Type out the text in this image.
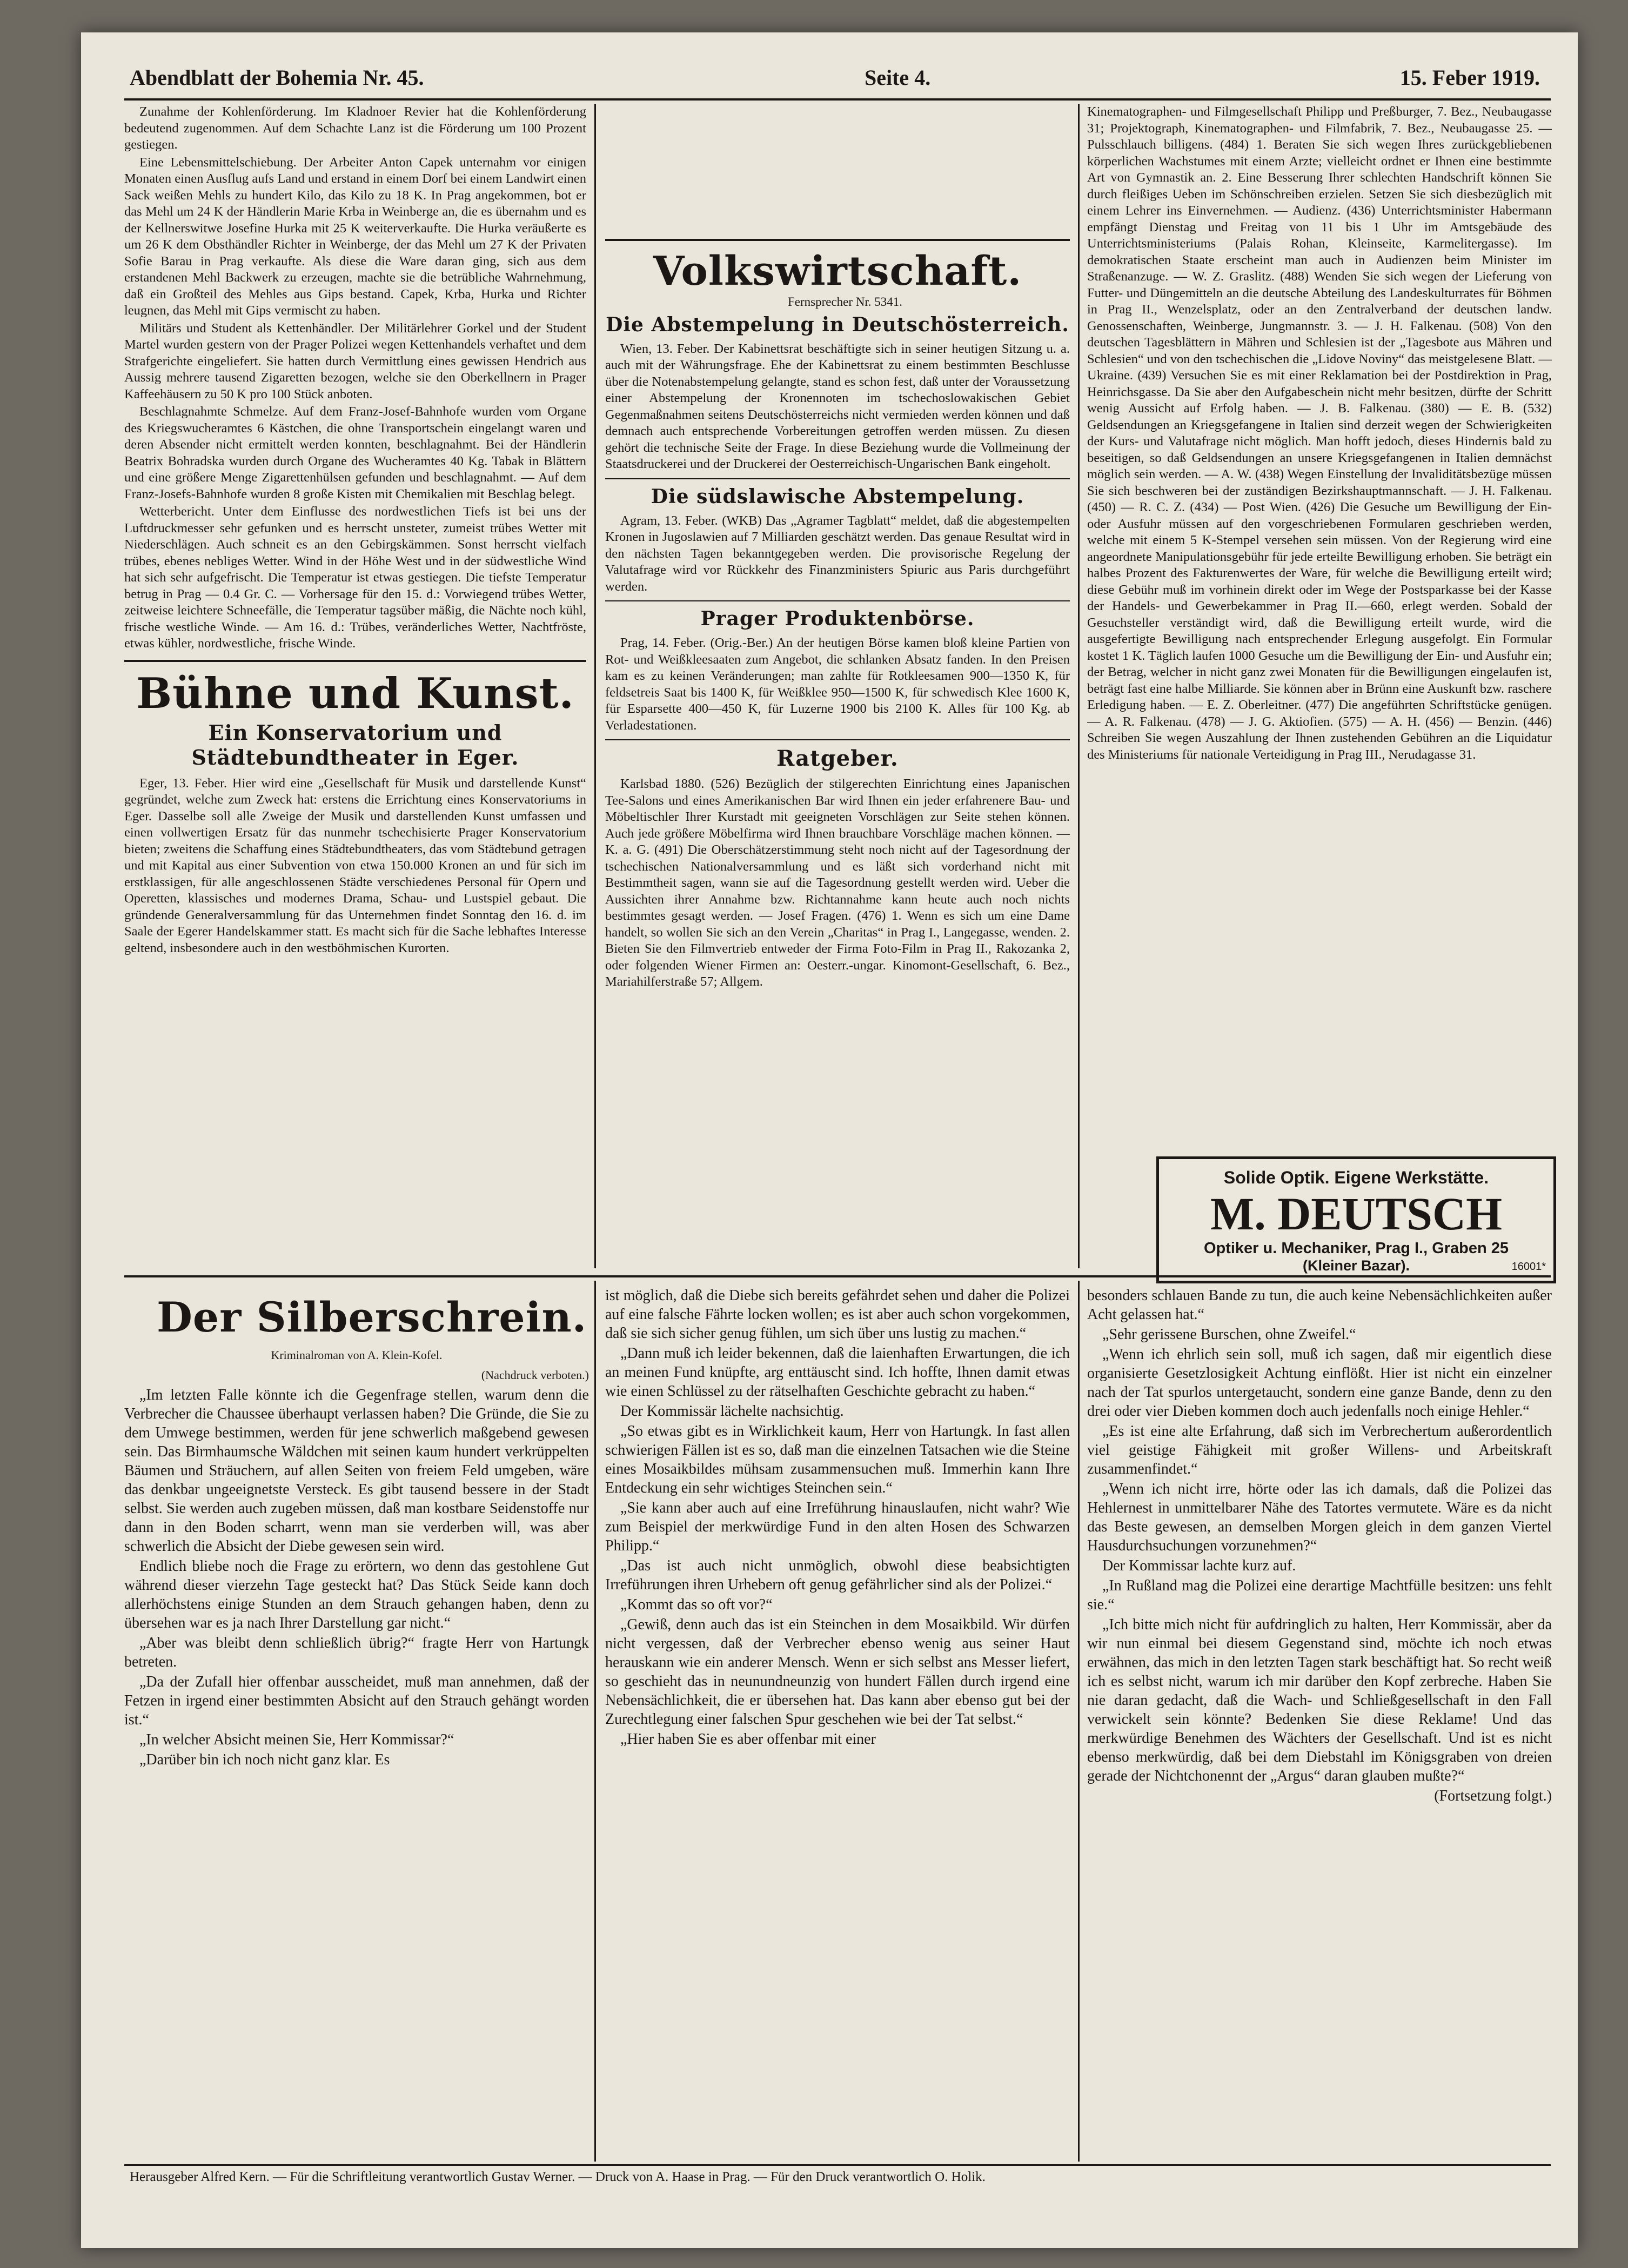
Abendblatt der Bohemia Nr. 45.	Seite 4.	15. Feber 1919.

Zunahme der Kohlenförderung. Im Kladnoer Revier hat die Kohlenförderung bedeutend zugenommen. Auf dem Schachte Lanz ist die Förderung um 100 Prozent gestiegen.

Eine Lebensmittelschiebung. Der Arbeiter Anton Capek unternahm vor einigen Monaten einen Ausflug aufs Land und erstand in einem Dorf bei einem Landwirt einen Sack weißen Mehls zu hundert Kilo, das Kilo zu 18 K. In Prag angekommen, bot er das Mehl um 24 K der Händlerin Marie Krba in Weinberge an, die es übernahm und es der Kellnerswitwe Josefine Hurka mit 25 K weiterverkaufte. Die Hurka veräußerte es um 26 K dem Obsthändler Richter in Weinberge, der das Mehl um 27 K der Privaten Sofie Barau in Prag verkaufte. Als diese die Ware daran ging, sich aus dem erstandenen Mehl Backwerk zu erzeugen, machte sie die betrübliche Wahrnehmung, daß ein Großteil des Mehles aus Gips bestand. Capek, Krba, Hurka und Richter leugnen, das Mehl mit Gips vermischt zu haben.

Militärs und Student als Kettenhändler. Der Militärlehrer Gorkel und der Student Martel wurden gestern von der Prager Polizei wegen Kettenhandels verhaftet und dem Strafgerichte eingeliefert. Sie hatten durch Vermittlung eines gewissen Hendrich aus Aussig mehrere tausend Zigaretten bezogen, welche sie den Oberkellnern in Prager Kaffeehäusern zu 50 K pro 100 Stück anboten.

Beschlagnahmte Schmelze. Auf dem Franz-Josef-Bahnhofe wurden vom Organe des Kriegswucheramtes 6 Kästchen, die ohne Transportschein eingelangt waren und deren Absender nicht ermittelt werden konnten, beschlagnahmt. Bei der Händlerin Beatrix Bohradska wurden durch Organe des Wucheramtes 40 Kg. Tabak in Blättern und eine größere Menge Zigarettenhülsen gefunden und beschlagnahmt. — Auf dem Franz-Josefs-Bahnhofe wurden 8 große Kisten mit Chemikalien mit Beschlag belegt.

Wetterbericht. Unter dem Einflusse des nordwestlichen Tiefs ist bei uns der Luftdruckmesser sehr gefunken und es herrscht unsteter, zumeist trübes Wetter mit Niederschlägen. Auch schneit es an den Gebirgskämmen. Sonst herrscht vielfach trübes, ebenes nebliges Wetter. Wind in der Höhe West und in der südwestliche Wind hat sich sehr aufgefrischt. Die Temperatur ist etwas gestiegen. Die tiefste Temperatur betrug in Prag — 0.4 Gr. C. — Vorhersage für den 15. d.: Vorwiegend trübes Wetter, zeitweise leichtere Schneefälle, die Temperatur tagsüber mäßig, die Nächte noch kühl, frische westliche Winde. — Am 16. d.: Trübes, veränderliches Wetter, Nachtfröste, etwas kühler, nordwestliche, frische Winde.

Bühne und Kunst.
Ein Konservatorium und Städtebundtheater in Eger.

Eger, 13. Feber. Hier wird eine „Gesellschaft für Musik und darstellende Kunst“ gegründet, welche zum Zweck hat: erstens die Errichtung eines Konservatoriums in Eger. Dasselbe soll alle Zweige der Musik und darstellenden Kunst umfassen und einen vollwertigen Ersatz für das nunmehr tschechisierte Prager Konservatorium bieten; zweitens die Schaffung eines Städtebundtheaters, das vom Städtebund getragen und mit Kapital aus einer Subvention von etwa 150.000 Kronen an und für sich im erstklassigen, für alle angeschlossenen Städte verschiedenes Personal für Opern und Operetten, klassisches und modernes Drama, Schau- und Lustspiel gebaut. Die gründende Generalversammlung für das Unternehmen findet Sonntag den 16. d. im Saale der Egerer Handelskammer statt. Es macht sich für die Sache lebhaftes Interesse geltend, insbesondere auch in den westböhmischen Kurorten.

Volkswirtschaft.

Fernsprecher Nr. 5341.

Die Abstempelung in Deutschösterreich.

Wien, 13. Feber. Der Kabinettsrat beschäftigte sich in seiner heutigen Sitzung u. a. auch mit der Währungsfrage. Ehe der Kabinettsrat zu einem bestimmten Beschlusse über die Notenabstempelung gelangte, stand es schon fest, daß unter der Voraussetzung einer Abstempelung der Kronennoten im tschechoslowakischen Gebiet Gegenmaßnahmen seitens Deutschösterreichs nicht vermieden werden können und daß demnach auch entsprechende Vorbereitungen getroffen werden müssen. Zu diesen gehört die technische Seite der Frage. In diese Beziehung wurde die Vollmeinung der Staatsdruckerei und der Druckerei der Oesterreichisch-Ungarischen Bank eingeholt.

Die südslawische Abstempelung.

Agram, 13. Feber. (WKB) Das „Agramer Tagblatt“ meldet, daß die abgestempelten Kronen in Jugoslawien auf 7 Milliarden geschätzt werden. Das genaue Resultat wird in den nächsten Tagen bekanntgegeben werden. Die provisorische Regelung der Valutafrage wird vor Rückkehr des Finanzministers Spiuric aus Paris durchgeführt werden.

Prager Produktenbörse.

Prag, 14. Feber. (Orig.-Ber.) An der heutigen Börse kamen bloß kleine Partien von Rot- und Weißkleesaaten zum Angebot, die schlanken Absatz fanden. In den Preisen kam es zu keinen Veränderungen; man zahlte für Rotkleesamen 900—1350 K, für feldsetreis Saat bis 1400 K, für Weißklee 950—1500 K, für schwedisch Klee 1600 K, für Esparsette 400—450 K, für Luzerne 1900 bis 2100 K. Alles für 100 Kg. ab Verladestationen.

Ratgeber.

Karlsbad 1880. (526) Bezüglich der stilgerechten Einrichtung eines Japanischen Tee-Salons und eines Amerikanischen Bar wird Ihnen ein jeder erfahrenere Bau- und Möbeltischler Ihrer Kurstadt mit geeigneten Vorschlägen zur Seite stehen können. Auch jede größere Möbelfirma wird Ihnen brauchbare Vorschläge machen können. — K. a. G. (491) Die Oberschätzerstimmung steht noch nicht auf der Tagesordnung der tschechischen Nationalversammlung und es läßt sich vorderhand nicht mit Bestimmtheit sagen, wann sie auf die Tagesordnung gestellt werden wird. Ueber die Aussichten ihrer Annahme bzw. Richtannahme kann heute auch noch nichts bestimmtes gesagt werden. — Josef Fragen. (476) 1. Wenn es sich um eine Dame handelt, so wollen Sie sich an den Verein „Charitas“ in Prag I., Langegasse, wenden. 2. Bieten Sie den Filmvertrieb entweder der Firma Foto-Film in Prag II., Rakozanka 2, oder folgenden Wiener Firmen an: Oesterr.-ungar. Kinomont-Gesellschaft, 6. Bez., Mariahilferstraße 57; Allgem.

Kinematographen- und Filmgesellschaft Philipp und Preßburger, 7. Bez., Neubaugasse 31; Projektograph, Kinematographen- und Filmfabrik, 7. Bez., Neubaugasse 25. — Pulsschlauch billigens. (484) 1. Beraten Sie sich wegen Ihres zurückgebliebenen körperlichen Wachstumes mit einem Arzte; vielleicht ordnet er Ihnen eine bestimmte Art von Gymnastik an. 2. Eine Besserung Ihrer schlechten Handschrift können Sie durch fleißiges Ueben im Schönschreiben erzielen. Setzen Sie sich diesbezüglich mit einem Lehrer ins Einvernehmen. — Audienz. (436) Unterrichtsminister Habermann empfängt Dienstag und Freitag von 11 bis 1 Uhr im Amtsgebäude des Unterrichtsministeriums (Palais Rohan, Kleinseite, Karmelitergasse). Im demokratischen Staate erscheint man auch in Audienzen beim Minister im Straßenanzuge. — W. Z. Graslitz. (488) Wenden Sie sich wegen der Lieferung von Futter- und Düngemitteln an die deutsche Abteilung des Landeskulturrates für Böhmen in Prag II., Wenzelsplatz, oder an den Zentralverband der deutschen landw. Genossenschaften, Weinberge, Jungmannstr. 3. — J. H. Falkenau. (508) Von den deutschen Tagesblättern in Mähren und Schlesien ist der „Tagesbote aus Mähren und Schlesien“ und von den tschechischen die „Lidove Noviny“ das meistgelesene Blatt. — Ukraine. (439) Versuchen Sie es mit einer Reklamation bei der Postdirektion in Prag, Heinrichsgasse. Da Sie aber den Aufgabeschein nicht mehr besitzen, dürfte der Schritt wenig Aussicht auf Erfolg haben. — J. B. Falkenau. (380) — E. B. (532) Geldsendungen an Kriegsgefangene in Italien sind derzeit wegen der Schwierigkeiten der Kurs- und Valutafrage nicht möglich. Man hofft jedoch, dieses Hindernis bald zu beseitigen, so daß Geldsendungen an unsere Kriegsgefangenen in Italien demnächst möglich sein werden. — A. W. (438) Wegen Einstellung der Invaliditätsbezüge müssen Sie sich beschweren bei der zuständigen Bezirkshauptmannschaft. — J. H. Falkenau. (450) — R. C. Z. (434) — Post Wien. (426) Die Gesuche um Bewilligung der Ein- oder Ausfuhr müssen auf den vorgeschriebenen Formularen geschrieben werden, welche mit einem 5 K-Stempel versehen sein müssen. Von der Regierung wird eine angeordnete Manipulationsgebühr für jede erteilte Bewilligung erhoben. Sie beträgt ein halbes Prozent des Fakturenwertes der Ware, für welche die Bewilligung erteilt wird; diese Gebühr muß im vorhinein direkt oder im Wege der Postsparkasse bei der Kasse der Handels- und Gewerbekammer in Prag II.—660, erlegt werden. Sobald der Gesuchsteller verständigt wird, daß die Bewilligung erteilt wurde, wird die ausgefertigte Bewilligung nach entsprechender Erlegung ausgefolgt. Ein Formular kostet 1 K. Täglich laufen 1000 Gesuche um die Bewilligung der Ein- und Ausfuhr ein; der Betrag, welcher in nicht ganz zwei Monaten für die Bewilligungen eingelaufen ist, beträgt fast eine halbe Milliarde. Sie können aber in Brünn eine Auskunft bzw. raschere Erledigung haben. — E. Z. Oberleitner. (477) Die angeführten Schriftstücke genügen. — A. R. Falkenau. (478) — J. G. Aktiofien. (575) — A. H. (456) — Benzin. (446) Schreiben Sie wegen Auszahlung der Ihnen zustehenden Gebühren an die Liquidatur des Ministeriums für nationale Verteidigung in Prag III., Nerudagasse 31.

Solide Optik. Eigene Werkstätte.
M. DEUTSCH
Optiker u. Mechaniker, Prag I., Graben 25
(Kleiner Bazar).	16001*
Der Silberschrein.

Kriminalroman von A. Klein-Kofel.

(Nachdruck verboten.)

„Im letzten Falle könnte ich die Gegenfrage stellen, warum denn die Verbrecher die Chaussee überhaupt verlassen haben? Die Gründe, die Sie zu dem Umwege bestimmen, werden für jene schwerlich maßgebend gewesen sein. Das Birmhaumsche Wäldchen mit seinen kaum hundert verkrüppelten Bäumen und Sträuchern, auf allen Seiten von freiem Feld umgeben, wäre das denkbar ungeeignetste Versteck. Es gibt tausend bessere in der Stadt selbst. Sie werden auch zugeben müssen, daß man kostbare Seidenstoffe nur dann in den Boden scharrt, wenn man sie verderben will, was aber schwerlich die Absicht der Diebe gewesen sein wird.

Endlich bliebe noch die Frage zu erörtern, wo denn das gestohlene Gut während dieser vierzehn Tage gesteckt hat? Das Stück Seide kann doch allerhöchstens einige Stunden an dem Strauch gehangen haben, denn zu übersehen war es ja nach Ihrer Darstellung gar nicht.“

„Aber was bleibt denn schließlich übrig?“ fragte Herr von Hartungk betreten.

„Da der Zufall hier offenbar ausscheidet, muß man annehmen, daß der Fetzen in irgend einer bestimmten Absicht auf den Strauch gehängt worden ist.“

„In welcher Absicht meinen Sie, Herr Kommissar?“

„Darüber bin ich noch nicht ganz klar. Es

ist möglich, daß die Diebe sich bereits gefährdet sehen und daher die Polizei auf eine falsche Fährte locken wollen; es ist aber auch schon vorgekommen, daß sie sich sicher genug fühlen, um sich über uns lustig zu machen.“

„Dann muß ich leider bekennen, daß die laienhaften Erwartungen, die ich an meinen Fund knüpfte, arg enttäuscht sind. Ich hoffte, Ihnen damit etwas wie einen Schlüssel zu der rätselhaften Geschichte gebracht zu haben.“

Der Kommissär lächelte nachsichtig.

„So etwas gibt es in Wirklichkeit kaum, Herr von Hartungk. In fast allen schwierigen Fällen ist es so, daß man die einzelnen Tatsachen wie die Steine eines Mosaikbildes mühsam zusammensuchen muß. Immerhin kann Ihre Entdeckung ein sehr wichtiges Steinchen sein.“

„Sie kann aber auch auf eine Irreführung hinauslaufen, nicht wahr? Wie zum Beispiel der merkwürdige Fund in den alten Hosen des Schwarzen Philipp.“

„Das ist auch nicht unmöglich, obwohl diese beabsichtigten Irreführungen ihren Urhebern oft genug gefährlicher sind als der Polizei.“

„Kommt das so oft vor?“

„Gewiß, denn auch das ist ein Steinchen in dem Mosaikbild. Wir dürfen nicht vergessen, daß der Verbrecher ebenso wenig aus seiner Haut herauskann wie ein anderer Mensch. Wenn er sich selbst ans Messer liefert, so geschieht das in neunundneunzig von hundert Fällen durch irgend eine Nebensächlichkeit, die er übersehen hat. Das kann aber ebenso gut bei der Zurechtlegung einer falschen Spur geschehen wie bei der Tat selbst.“

„Hier haben Sie es aber offenbar mit einer

besonders schlauen Bande zu tun, die auch keine Nebensächlichkeiten außer Acht gelassen hat.“

„Sehr gerissene Burschen, ohne Zweifel.“

„Wenn ich ehrlich sein soll, muß ich sagen, daß mir eigentlich diese organisierte Gesetzlosigkeit Achtung einflößt. Hier ist nicht ein einzelner nach der Tat spurlos untergetaucht, sondern eine ganze Bande, denn zu den drei oder vier Dieben kommen doch auch jedenfalls noch einige Hehler.“

„Es ist eine alte Erfahrung, daß sich im Verbrechertum außerordentlich viel geistige Fähigkeit mit großer Willens- und Arbeitskraft zusammenfindet.“

„Wenn ich nicht irre, hörte oder las ich damals, daß die Polizei das Hehlernest in unmittelbarer Nähe des Tatortes vermutete. Wäre es da nicht das Beste gewesen, an demselben Morgen gleich in dem ganzen Viertel Hausdurchsuchungen vorzunehmen?“

Der Kommissar lachte kurz auf.

„In Rußland mag die Polizei eine derartige Machtfülle besitzen: uns fehlt sie.“

„Ich bitte mich nicht für aufdringlich zu halten, Herr Kommissär, aber da wir nun einmal bei diesem Gegenstand sind, möchte ich noch etwas erwähnen, das mich in den letzten Tagen stark beschäftigt hat. So recht weiß ich es selbst nicht, warum ich mir darüber den Kopf zerbreche. Haben Sie nie daran gedacht, daß die Wach- und Schließgesellschaft in den Fall verwickelt sein könnte? Bedenken Sie diese Reklame! Und das merkwürdige Benehmen des Wächters der Gesellschaft. Und ist es nicht ebenso merkwürdig, daß bei dem Diebstahl im Königsgraben von dreien gerade der Nichtchonennt der „Argus“ daran glauben mußte?“

(Fortsetzung folgt.)

Herausgeber Alfred Kern. — Für die Schriftleitung verantwortlich Gustav Werner. — Druck von A. Haase in Prag. — Für den Druck verantwortlich O. Holik.
